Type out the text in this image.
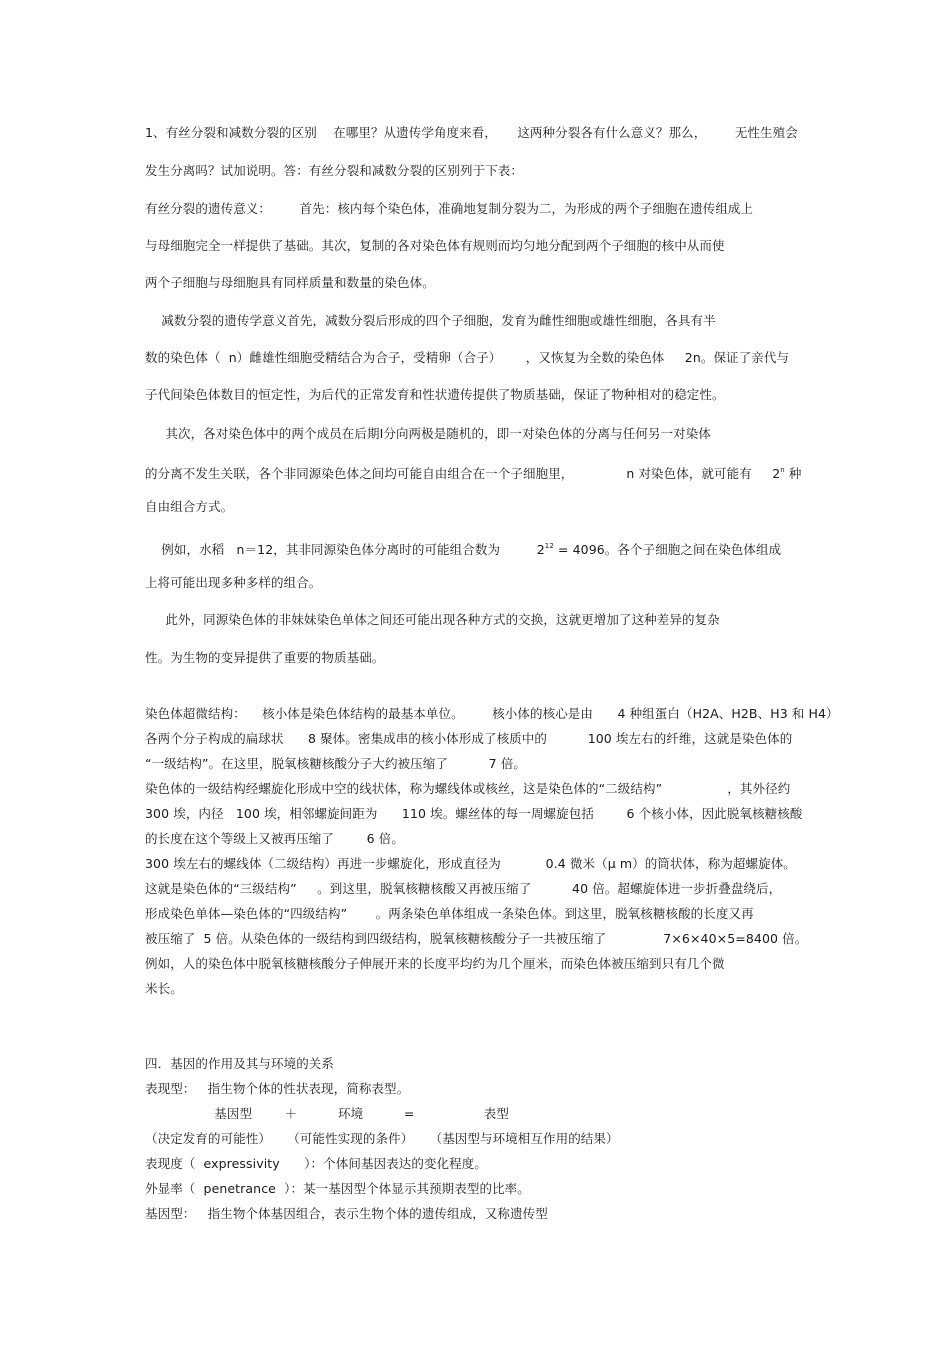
1、有丝分裂和减数分裂的区别    在哪里？从遗传学角度来看，     这两种分裂各有什么意义？那么，       无性生殖会
发生分离吗？试加说明。答：有丝分裂和减数分裂的区别列于下表：
有丝分裂的遗传意义：       首先：核内每个染色体，准确地复制分裂为二，为形成的两个子细胞在遗传组成上
与母细胞完全一样提供了基础。其次，复制的各对染色体有规则而均匀地分配到两个子细胞的核中从而使
两个子细胞与母细胞具有同样质量和数量的染色体。
减数分裂的遗传学意义首先，减数分裂后形成的四个子细胞，发育为雌性细胞或雄性细胞，各具有半
数的染色体（  n）雌雄性细胞受精结合为合子，受精卵（合子）      ，又恢复为全数的染色体     2n。保证了亲代与
子代间染色体数目的恒定性，为后代的正常发育和性状遗传提供了物质基础，保证了物种相对的稳定性。
其次，各对染色体中的两个成员在后期Ⅰ分向两极是随机的，即一对染色体的分离与任何另一对染体
的分离不发生关联，各个非同源染色体之间均可能自由组合在一个子细胞里，             n 对染色体，就可能有     2$^n$ 种
自由组合方式。
例如，水稻   n＝12，其非同源染色体分离时的可能组合数为         $2^{12} = 4096$。各个子细胞之间在染色体组成
上将可能出现多种多样的组合。
此外，同源染色体的非妹妹染色单体之间还可能出现各种方式的交换，这就更增加了这种差异的复杂
性。为生物的变异提供了重要的物质基础。
染色体超微结构：    核小体是染色体结构的最基本单位。       核小体的核心是由      4 种组蛋白（H2A、H2B、H3 和 H4）
各两个分子构成的扁球状      8 聚体。密集成串的核小体形成了核质中的          100 埃左右的纤维，这就是染色体的
“一级结构”。在这里，脱氧核糖核酸分子大约被压缩了          7 倍。
染色体的一级结构经螺旋化形成中空的线状体，称为螺线体或核丝，这是染色体的“二级结构”                ，其外径约
300 埃，内径   100 埃，相邻螺旋间距为      110 埃。螺丝体的每一周螺旋包括        6 个核小体，因此脱氧核糖核酸
的长度在这个等级上又被再压缩了        6 倍。
300 埃左右的螺线体（二级结构）再进一步螺旋化，形成直径为           0.4 微米（μ m）的筒状体，称为超螺旋体。
这就是染色体的“三级结构”     。到这里，脱氧核糖核酸又再被压缩了          40 倍。超螺旋体进一步折叠盘绕后，
形成染色单体—染色体的“四级结构”       。两条染色单体组成一条染色体。到这里，脱氧核糖核酸的长度又再
被压缩了  5 倍。从染色体的一级结构到四级结构，脱氧核糖核酸分子一共被压缩了              7×6×40×5=8400 倍。
例如，人的染色体中脱氧核糖核酸分子伸展开来的长度平均约为几个厘米，而染色体被压缩到只有几个微
米长。
四．基因的作用及其与环境的关系
表现型：   指生物个体的性状表现，简称表型。
基因型        ＋          环境          =                 表型
（决定发育的可能性）    （可能性实现的条件）    （基因型与环境相互作用的结果）
表现度（  expressivity      ）：个体间基因表达的变化程度。
外显率（  penetrance  ）：某一基因型个体显示其预期表型的比率。
基因型：   指生物个体基因组合，表示生物个体的遗传组成，又称遗传型
